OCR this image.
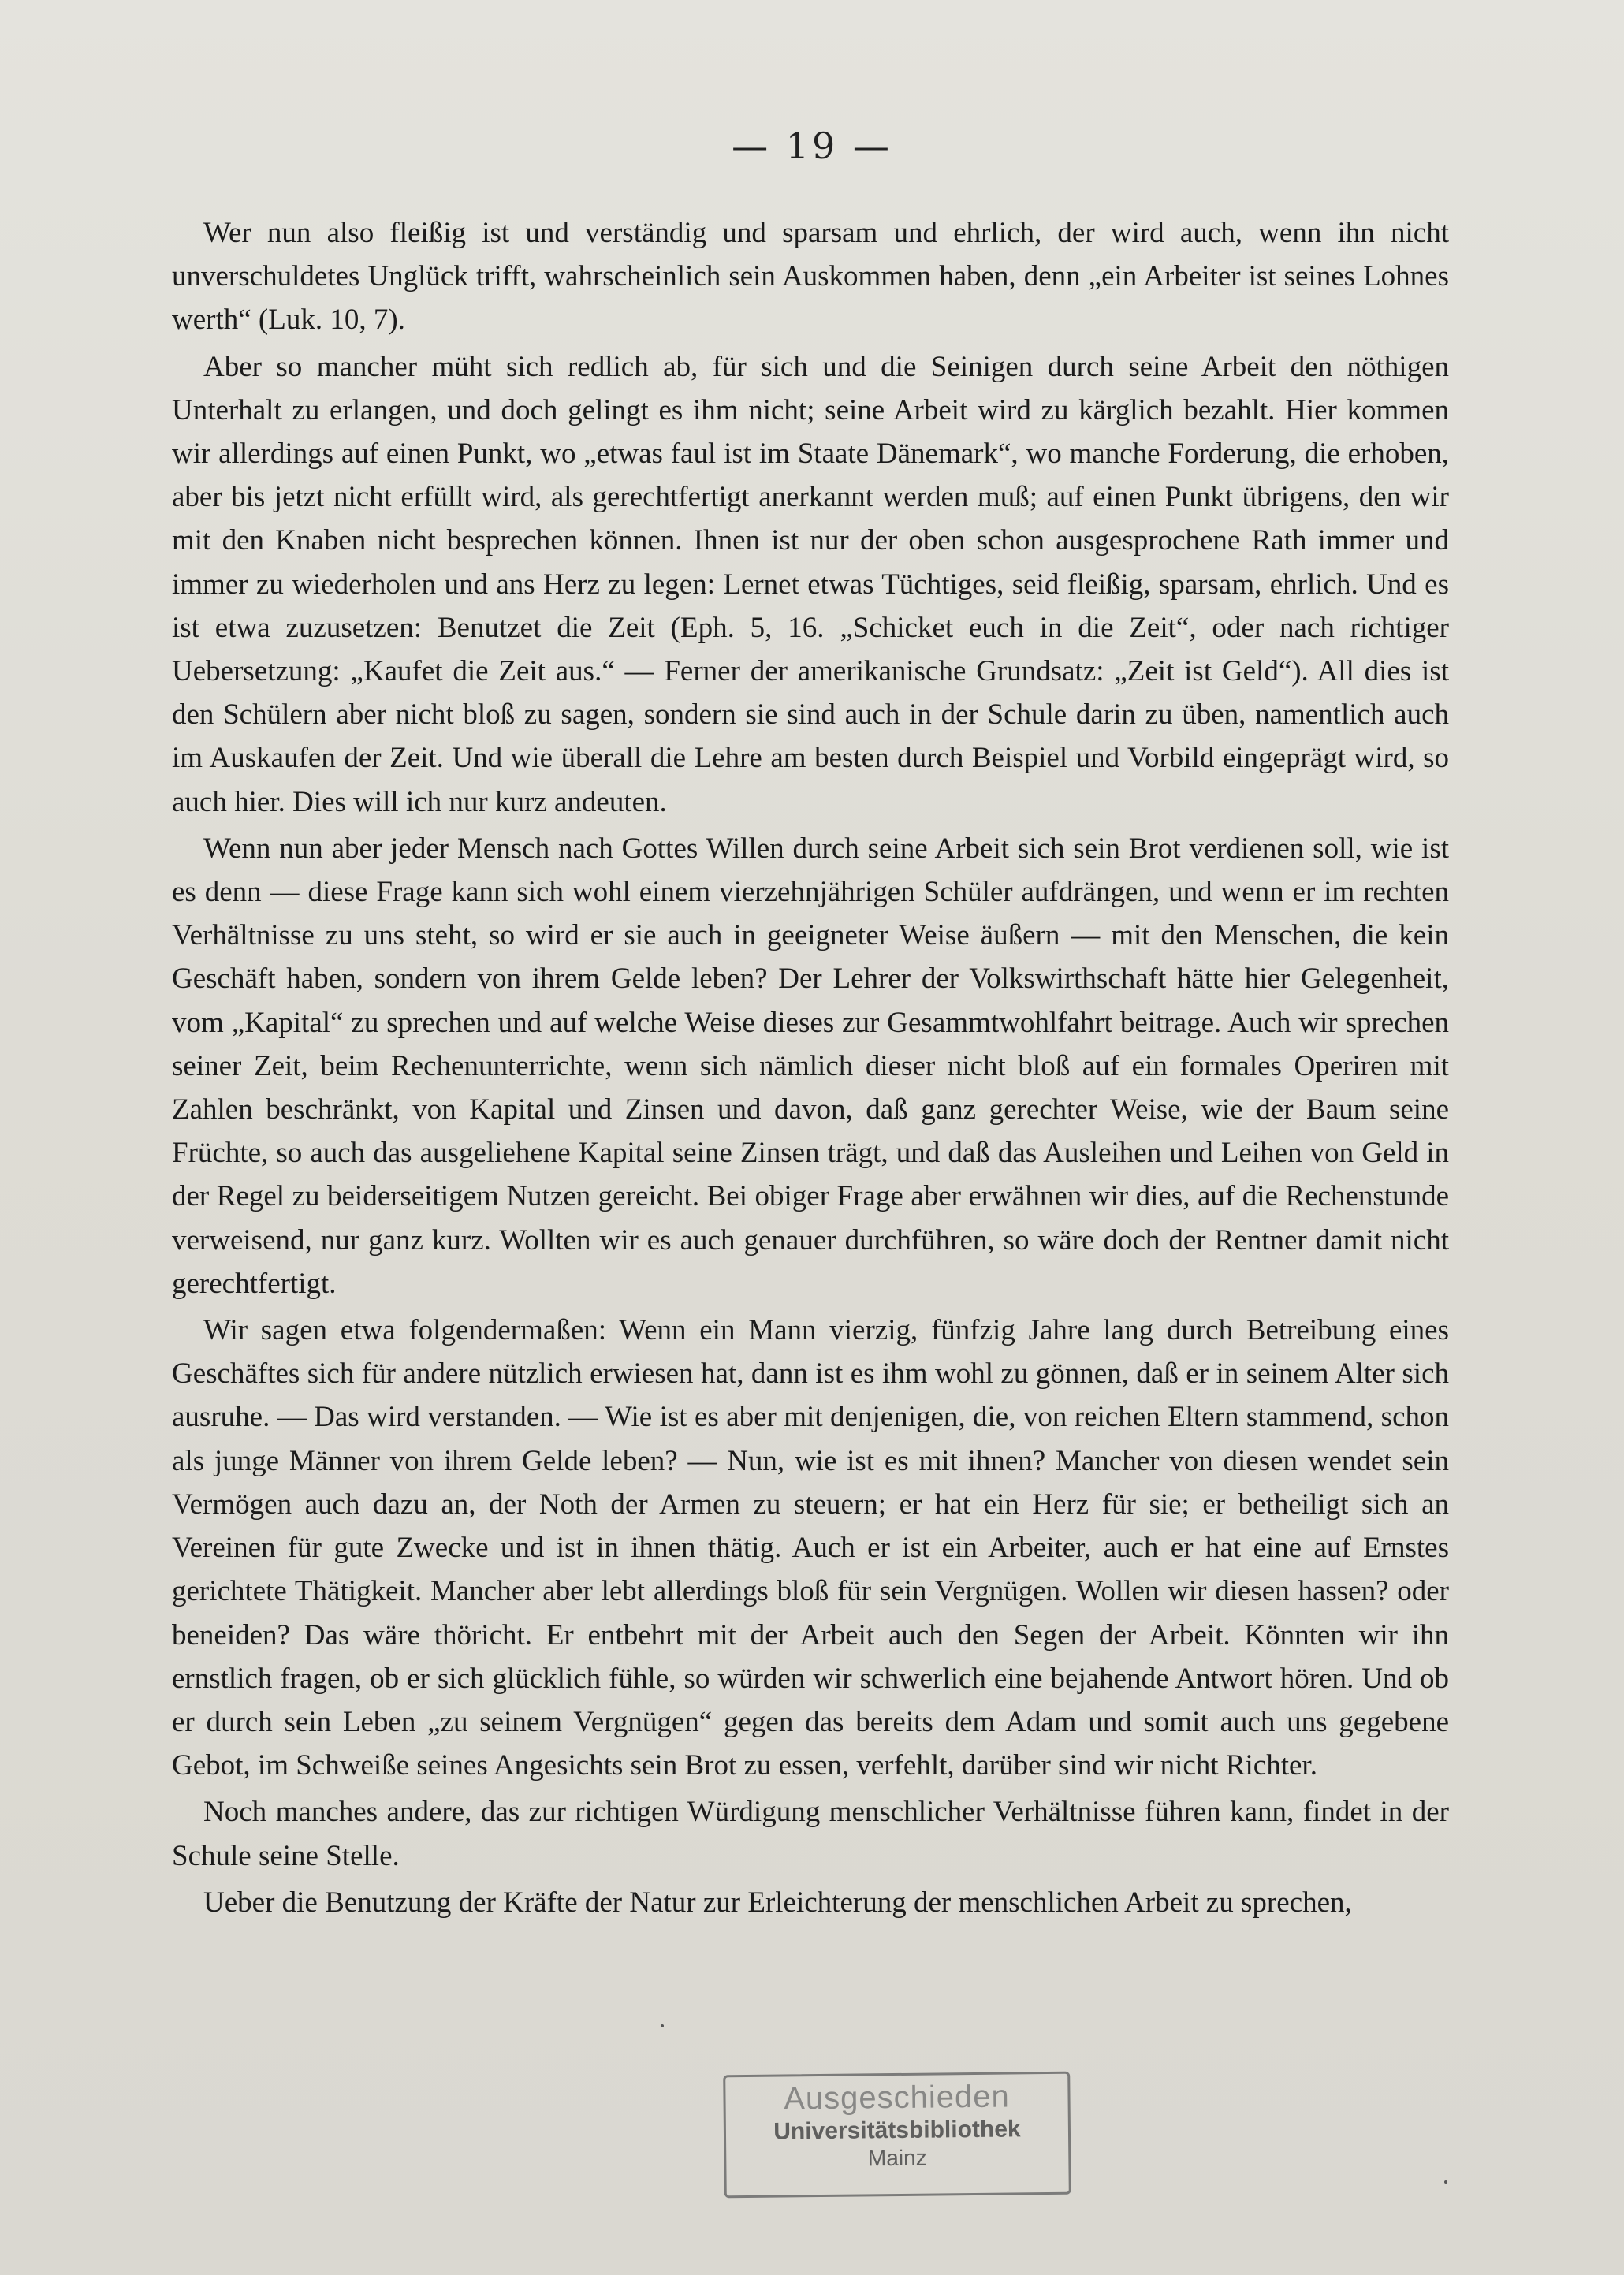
— 19 —

Wer nun also fleißig ist und verständig und sparsam und ehrlich, der wird auch, wenn ihn nicht unverschuldetes Unglück trifft, wahrscheinlich sein Auskommen haben, denn „ein Arbeiter ist seines Lohnes werth“ (Luk. 10, 7).

Aber so mancher müht sich redlich ab, für sich und die Seinigen durch seine Arbeit den nöthigen Unterhalt zu erlangen, und doch gelingt es ihm nicht; seine Arbeit wird zu kärglich bezahlt. Hier kommen wir allerdings auf einen Punkt, wo „etwas faul ist im Staate Dänemark“, wo manche Forderung, die erhoben, aber bis jetzt nicht erfüllt wird, als gerechtfertigt anerkannt werden muß; auf einen Punkt übrigens, den wir mit den Knaben nicht besprechen können. Ihnen ist nur der oben schon ausgesprochene Rath immer und immer zu wiederholen und ans Herz zu legen: Lernet etwas Tüchtiges, seid fleißig, sparsam, ehrlich. Und es ist etwa zuzusetzen: Benutzet die Zeit (Eph. 5, 16. „Schicket euch in die Zeit“, oder nach richtiger Uebersetzung: „Kaufet die Zeit aus.“ — Ferner der amerikanische Grundsatz: „Zeit ist Geld“). All dies ist den Schülern aber nicht bloß zu sagen, sondern sie sind auch in der Schule darin zu üben, namentlich auch im Auskaufen der Zeit. Und wie überall die Lehre am besten durch Beispiel und Vorbild eingeprägt wird, so auch hier. Dies will ich nur kurz andeuten.

Wenn nun aber jeder Mensch nach Gottes Willen durch seine Arbeit sich sein Brot verdienen soll, wie ist es denn — diese Frage kann sich wohl einem vierzehnjährigen Schüler aufdrängen, und wenn er im rechten Verhältnisse zu uns steht, so wird er sie auch in geeigneter Weise äußern — mit den Menschen, die kein Geschäft haben, sondern von ihrem Gelde leben? Der Lehrer der Volkswirthschaft hätte hier Gelegenheit, vom „Kapital“ zu sprechen und auf welche Weise dieses zur Gesammtwohlfahrt beitrage. Auch wir sprechen seiner Zeit, beim Rechenunterrichte, wenn sich nämlich dieser nicht bloß auf ein formales Operiren mit Zahlen beschränkt, von Kapital und Zinsen und davon, daß ganz gerechter Weise, wie der Baum seine Früchte, so auch das ausgeliehene Kapital seine Zinsen trägt, und daß das Ausleihen und Leihen von Geld in der Regel zu beiderseitigem Nutzen gereicht. Bei obiger Frage aber erwähnen wir dies, auf die Rechenstunde verweisend, nur ganz kurz. Wollten wir es auch genauer durchführen, so wäre doch der Rentner damit nicht gerechtfertigt.

Wir sagen etwa folgendermaßen: Wenn ein Mann vierzig, fünfzig Jahre lang durch Betreibung eines Geschäftes sich für andere nützlich erwiesen hat, dann ist es ihm wohl zu gönnen, daß er in seinem Alter sich ausruhe. — Das wird verstanden. — Wie ist es aber mit denjenigen, die, von reichen Eltern stammend, schon als junge Männer von ihrem Gelde leben? — Nun, wie ist es mit ihnen? Mancher von diesen wendet sein Vermögen auch dazu an, der Noth der Armen zu steuern; er hat ein Herz für sie; er betheiligt sich an Vereinen für gute Zwecke und ist in ihnen thätig. Auch er ist ein Arbeiter, auch er hat eine auf Ernstes gerichtete Thätigkeit. Mancher aber lebt allerdings bloß für sein Vergnügen. Wollen wir diesen hassen? oder beneiden? Das wäre thöricht. Er entbehrt mit der Arbeit auch den Segen der Arbeit. Könnten wir ihn ernstlich fragen, ob er sich glücklich fühle, so würden wir schwerlich eine bejahende Antwort hören. Und ob er durch sein Leben „zu seinem Vergnügen“ gegen das bereits dem Adam und somit auch uns gegebene Gebot, im Schweiße seines Angesichts sein Brot zu essen, verfehlt, darüber sind wir nicht Richter.

Noch manches andere, das zur richtigen Würdigung menschlicher Verhältnisse führen kann, findet in der Schule seine Stelle.

Ueber die Benutzung der Kräfte der Natur zur Erleichterung der menschlichen Arbeit zu sprechen,

Ausgeschieden
Universitätsbibliothek
Mainz
